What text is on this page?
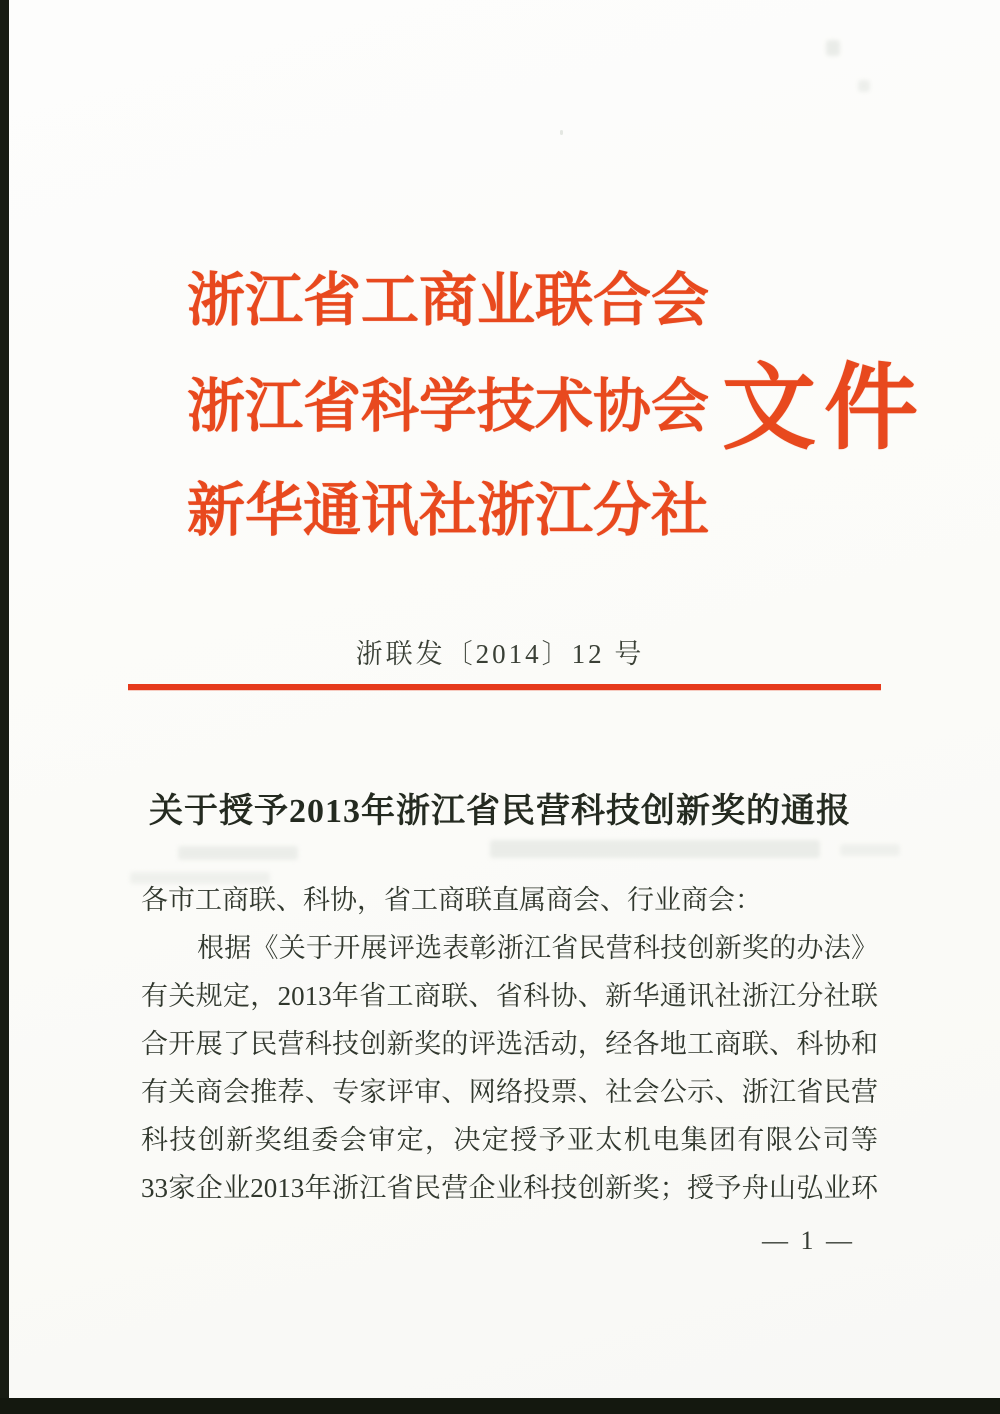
浙江省工商业联合会
浙江省科学技术协会
新华通讯社浙江分社
文件
浙联发〔2014〕12 号
关于授予2013年浙江省民营科技创新奖的通报

各市工商联、科协，省工商联直属商会、行业商会：

根据《关于开展评选表彰浙江省民营科技创新奖的办法》

有关规定，2013年省工商联、省科协、新华通讯社浙江分社联

合开展了民营科技创新奖的评选活动，经各地工商联、科协和

有关商会推荐、专家评审、网络投票、社会公示、浙江省民营

科技创新奖组委会审定，决定授予亚太机电集团有限公司等

33家企业2013年浙江省民营企业科技创新奖；授予舟山弘业环

— 1 —
